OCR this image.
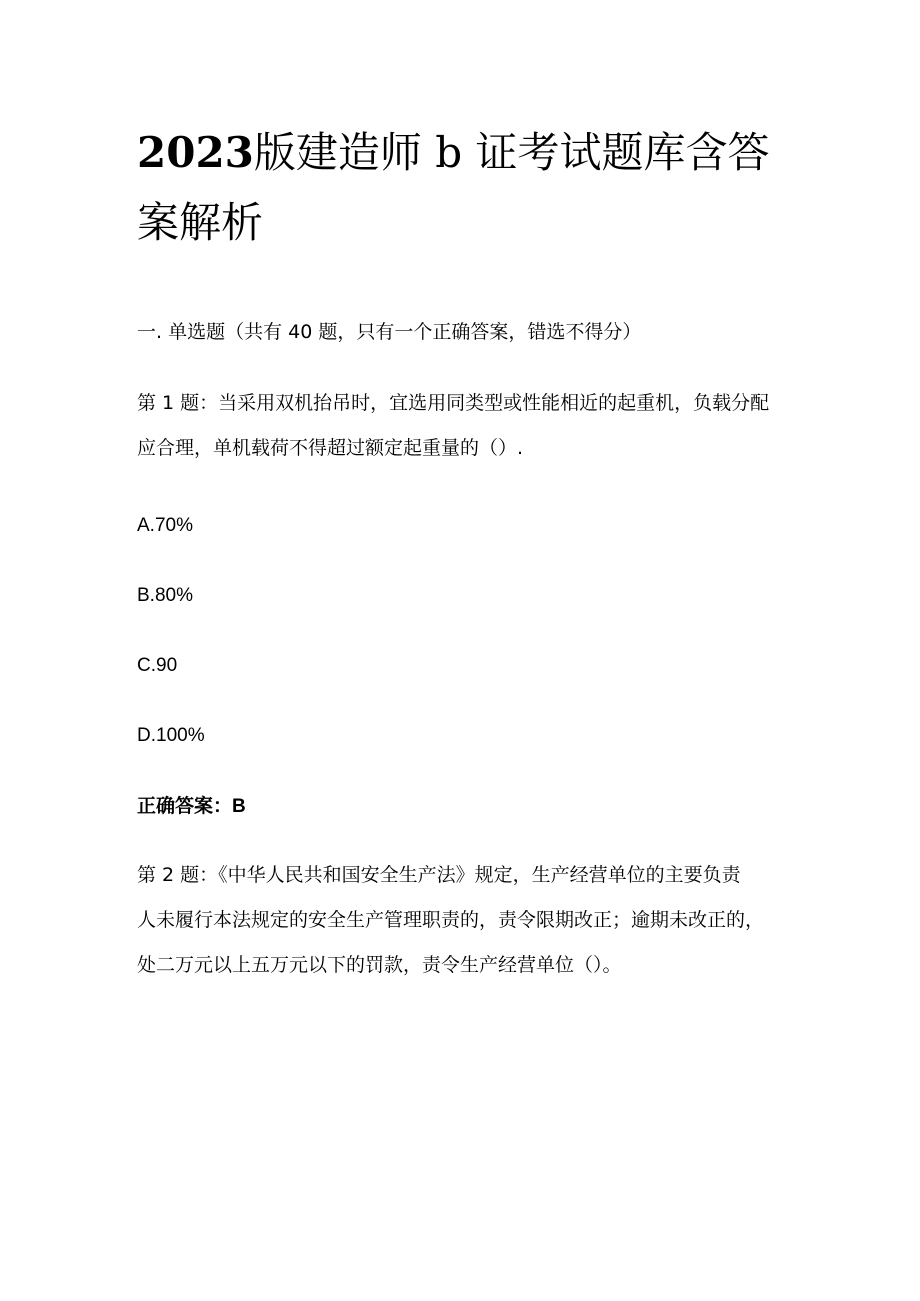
2023版建造师 b 证考试题库含答案解析
一. 单选题（共有 40 题，只有一个正确答案，错选不得分）
第 1 题：当采用双机抬吊时，宜选用同类型或性能相近的起重机，负载分配
应合理，单机载荷不得超过额定起重量的（）.
A.70%
B.80%
C.90
D.100%
正确答案：B
第 2 题：《中华人民共和国安全生产法》规定，生产经营单位的主要负责
人未履行本法规定的安全生产管理职责的，责令限期改正；逾期未改正的，
处二万元以上五万元以下的罚款，责令生产经营单位（）。
